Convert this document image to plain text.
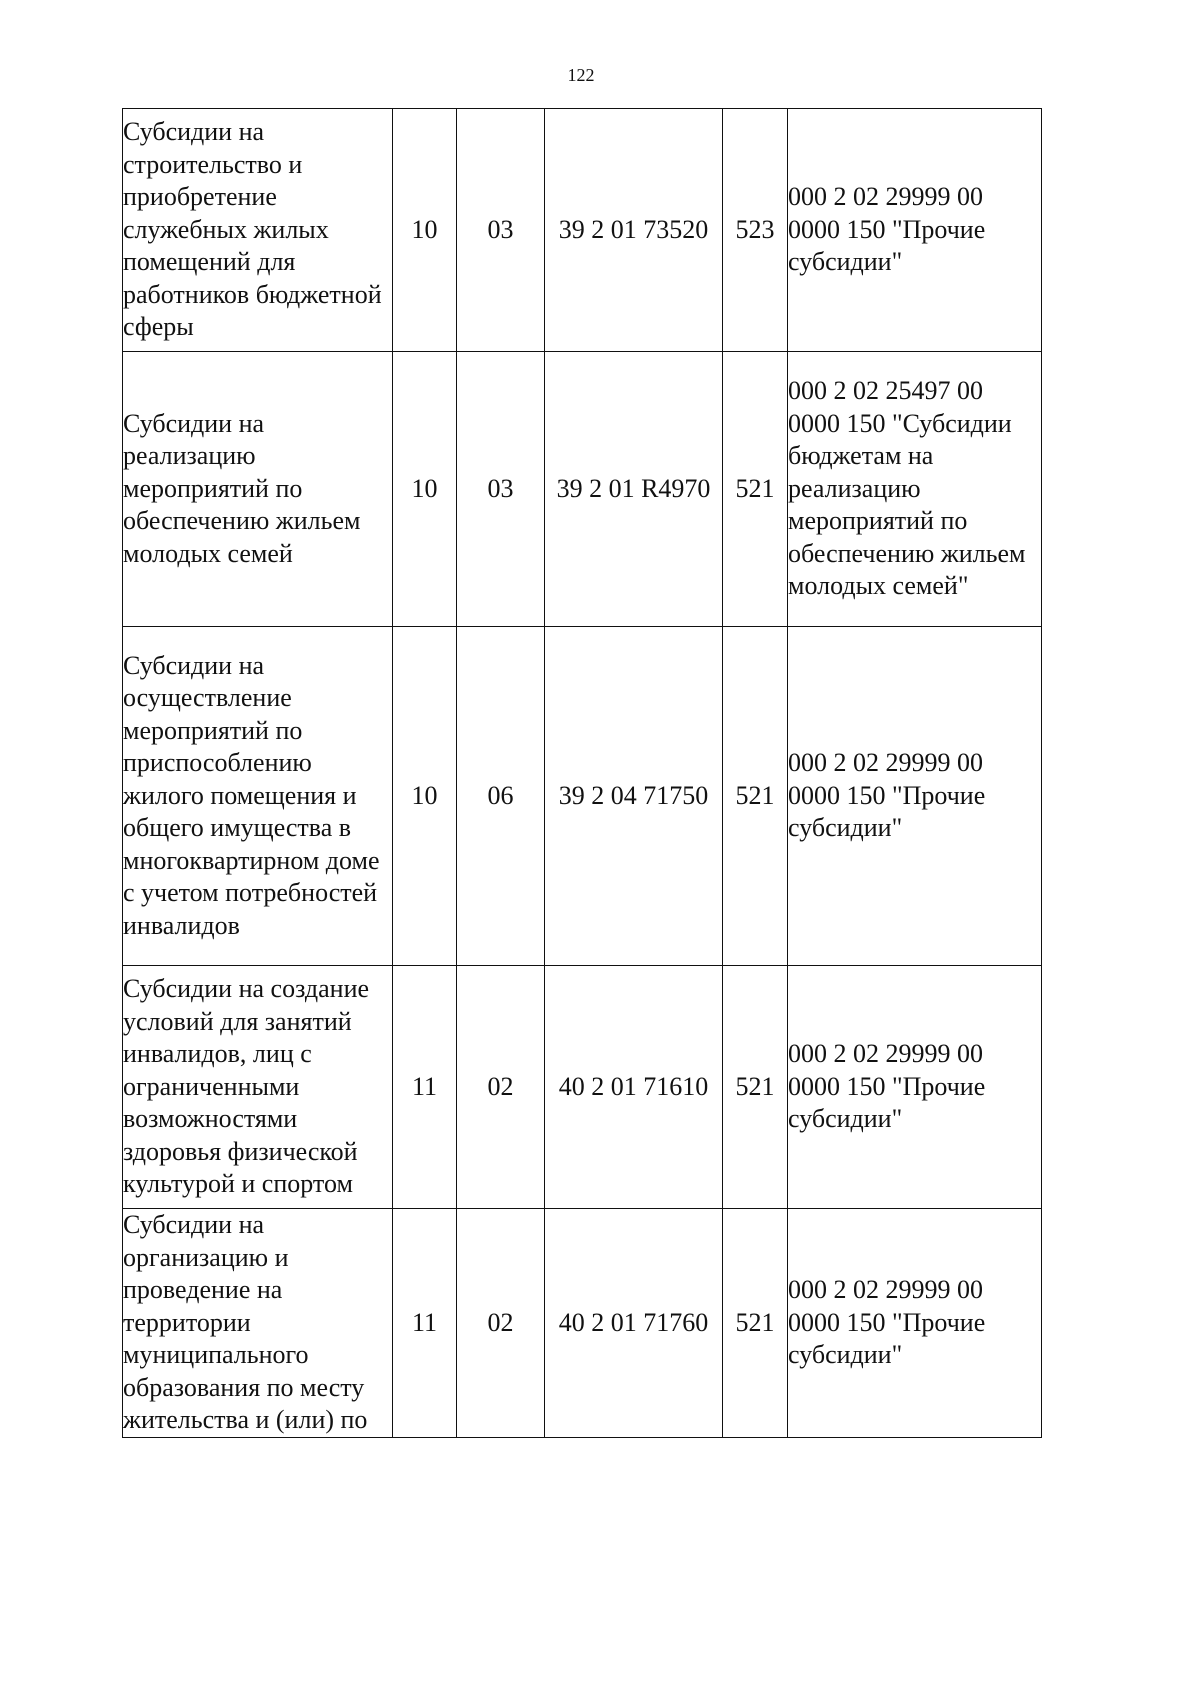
122
Субсидии на строительство и приобретение служебных жилых помещений для работников бюджетной сферы	10	03	39 2 01 73520	523	000 2 02 29999 00 0000 150 "Прочие субсидии"

Субсидии на реализацию мероприятий по обеспечению жильем молодых семей	10	03	39 2 01 R4970	521	000 2 02 25497 00 0000 150 "Субсидии бюджетам на реализацию мероприятий по обеспечению жильем молодых семей"

Субсидии на осуществление мероприятий по приспособлению жилого помещения и общего имущества в многоквартирном доме с учетом потребностей инвалидов	10	06	39 2 04 71750	521	000 2 02 29999 00 0000 150 "Прочие субсидии"

Субсидии на создание условий для занятий инвалидов, лиц с ограниченными возможностями здоровья физической культурой и спортом	11	02	40 2 01 71610	521	000 2 02 29999 00 0000 150 "Прочие субсидии"

Субсидии на организацию и проведение на территории муниципального образования по месту жительства и (или) по	11	02	40 2 01 71760	521	000 2 02 29999 00 0000 150 "Прочие субсидии"
